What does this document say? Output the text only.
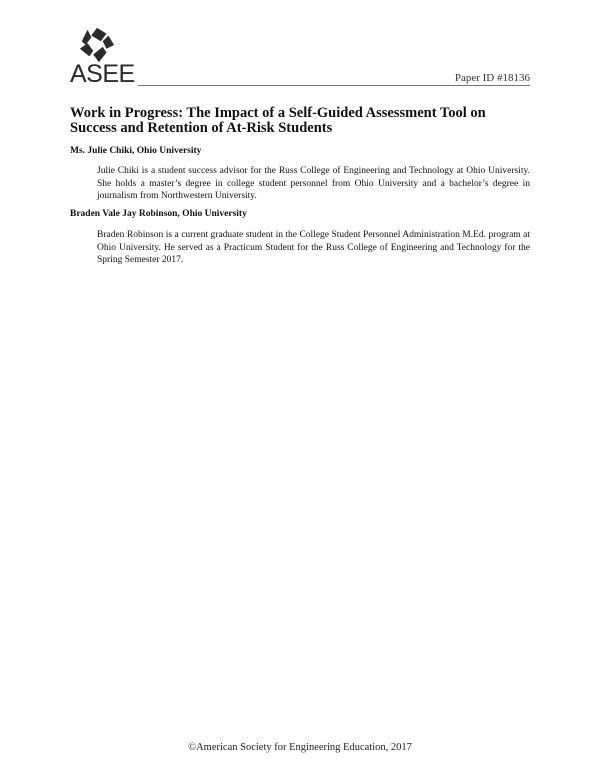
ASEE	Paper ID #18136
Work in Progress: The Impact of a Self-Guided Assessment Tool on Success and Retention of At-Risk Students

Ms. Julie Chiki, Ohio University

Julie Chiki is a student success advisor for the Russ College of Engineering and Technology at Ohio University. She holds a master’s degree in college student personnel from Ohio University and a bachelor’s degree in journalism from Northwestern University.

Braden Vale Jay Robinson, Ohio University

Braden Robinson is a current graduate student in the College Student Personnel Administration M.Ed. program at Ohio University. He served as a Practicum Student for the Russ College of Engineering and Technology for the Spring Semester 2017.

©American Society for Engineering Education, 2017
